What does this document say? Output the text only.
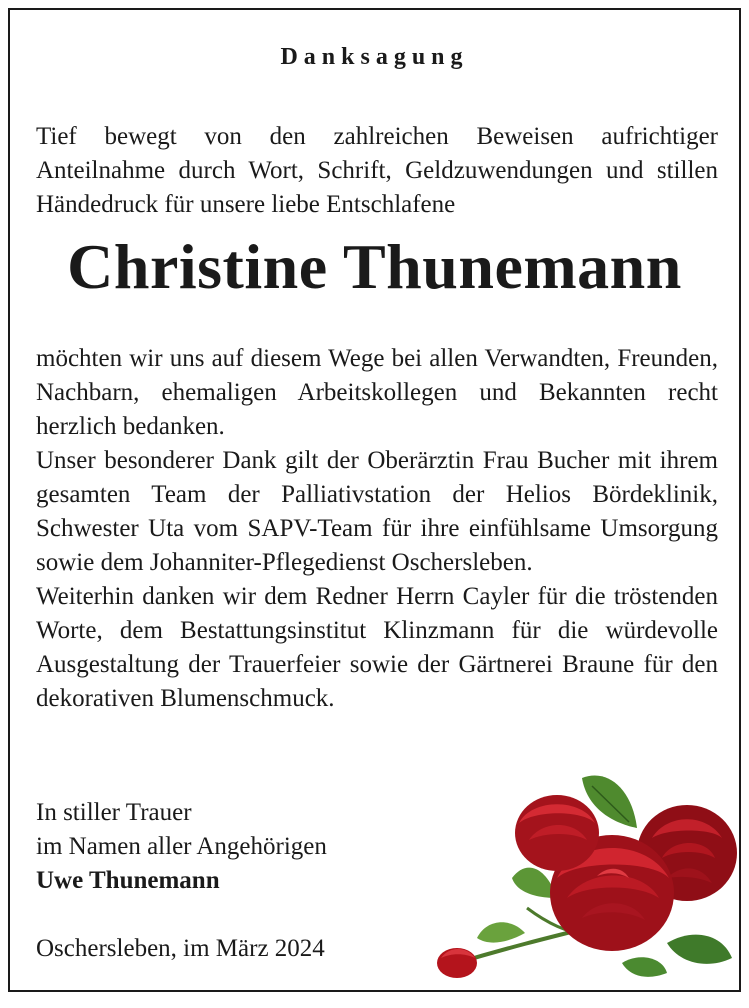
Danksagung
Tief bewegt von den zahlreichen Beweisen aufrichtiger Anteilnahme durch Wort, Schrift, Geldzuwendungen und stillen Händedruck für unsere liebe Entschlafene
Christine Thunemann
möchten wir uns auf diesem Wege bei allen Verwandten, Freunden, Nachbarn, ehemaligen Arbeitskollegen und Bekannten recht herzlich bedanken.
Unser besonderer Dank gilt der Oberärztin Frau Bucher mit ihrem gesamten Team der Palliativstation der Helios Bördeklinik, Schwester Uta vom SAPV-Team für ihre einfühlsame Umsorgung sowie dem Johanniter-Pflegedienst Oschersleben.
Weiterhin danken wir dem Redner Herrn Cayler für die tröstenden Worte, dem Bestattungsinstitut Klinzmann für die würdevolle Ausgestaltung der Trauerfeier sowie der Gärtnerei Braune für den dekorativen Blumenschmuck.
In stiller Trauer
im Namen aller Angehörigen
Uwe Thunemann
Oschersleben, im März 2024
